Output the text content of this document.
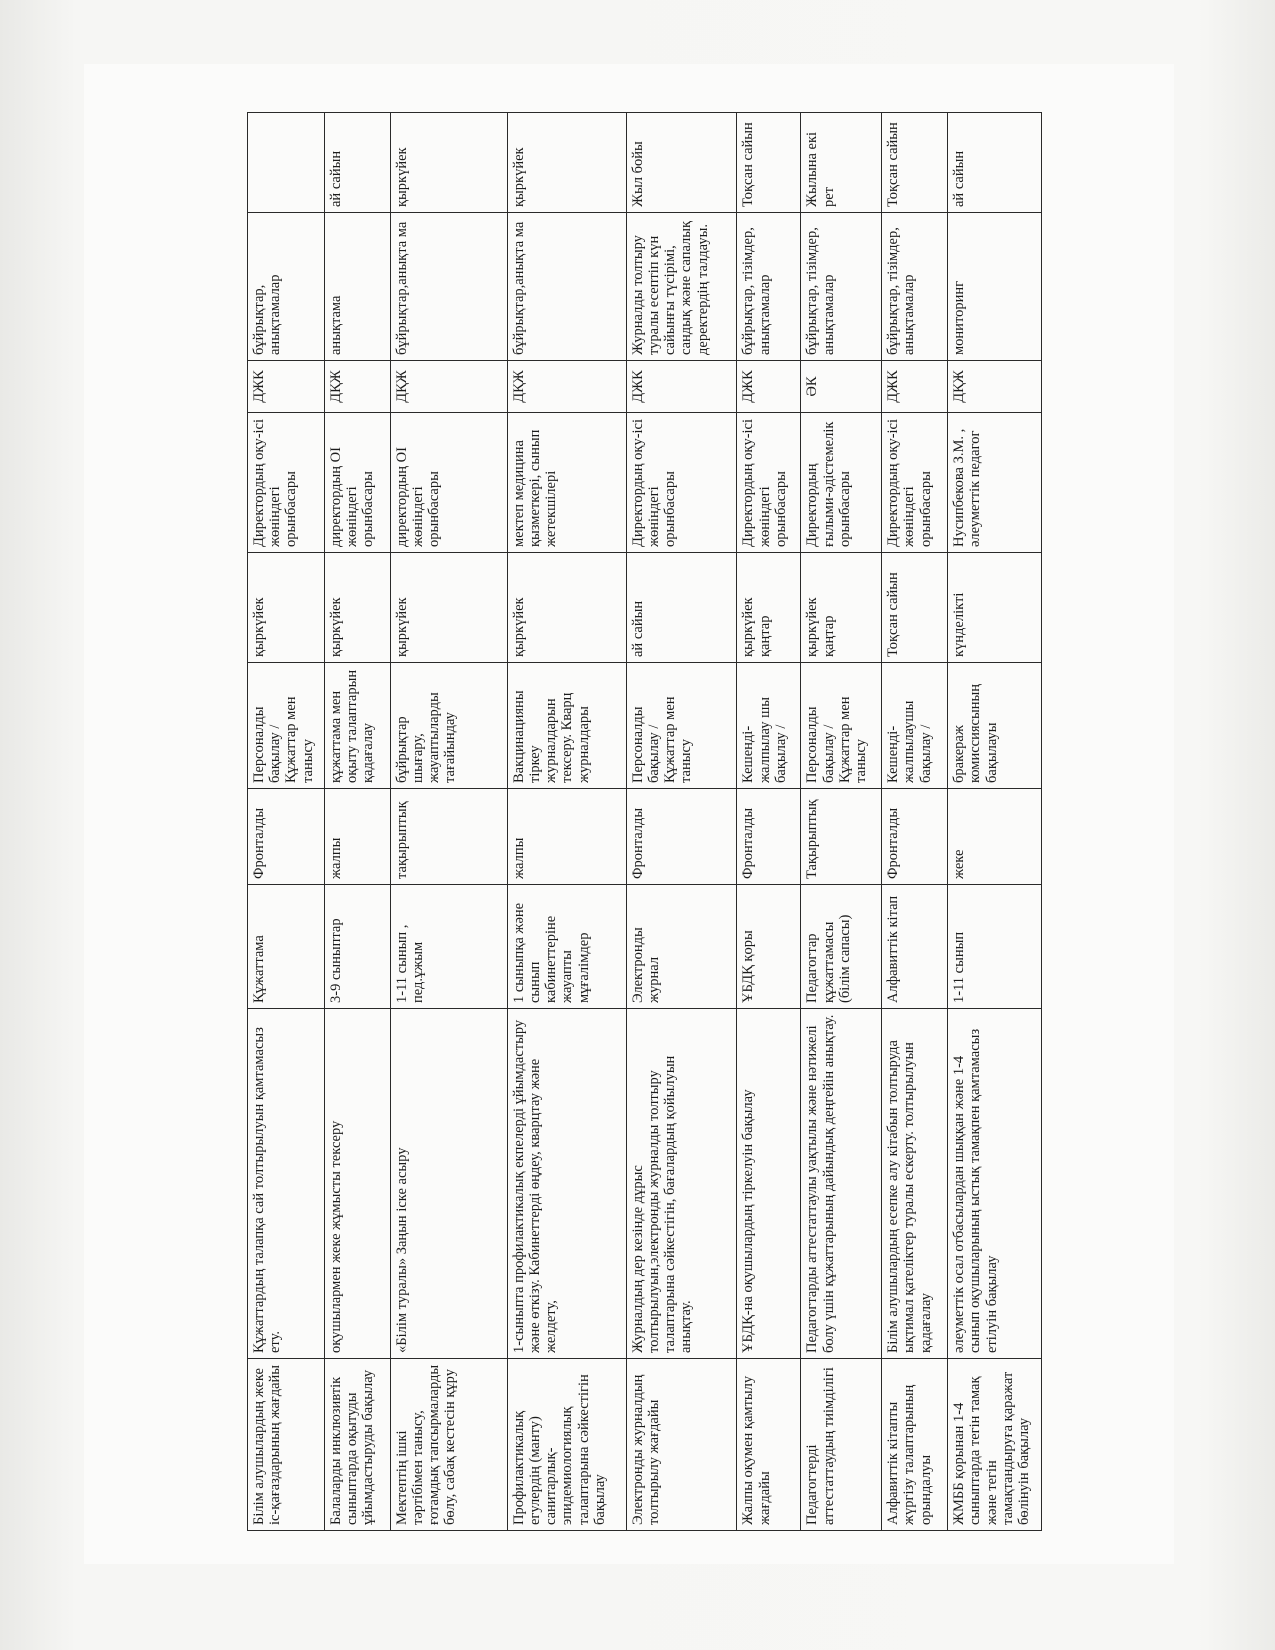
Білім алушылардың жеке іс-қағаздарының жағдайы	Құжаттардың талапқа сай толтырылуын қамтамасыз ету.	Құжаттама	Фронталды	Персоналды бақылау / Құжаттар мен танысу	қыркүйек	Директордың оқу-ісі жөніндегі орынбасары	ДЖК	бұйрықтар, анықтамалар	
Балаларды инклюзивтік сыныптарда оқытуды ұйымдастыруды бақылау	оқушылармен жеке жұмысты тексеру	3-9 сыныптар	жалпы	құжаттама мен оқыту талаптарын қадағалау	қыркүйек	директордың ОІ жөніндегі орынбасары	ДҚЖ	анықтама	ай сайын
Мектептің ішкі тәртібімен танысу, ғотамдық тапсырмаларды бөлу, сабақ кестесін құру	«Білім туралы» Заңын іске асыру	1-11 сынып , пед.ұжым	тақырыптық	бұйрықтар шығару, жауаптыларды тағайындау	қыркүйек	директордың ОІ жөніндегі орынбасары	ДҚЖ	бұйрықтар,анықта ма	қыркүйек
Профилактикалық егулердің (манту) санитарлық-эпидемиологиялық талаптарына сәйкестігін бақылау	1-сыныпта профилактикалық екпелерді ұйымдастыру және өткізу. Кабинеттерді өңдеу, кварцтау және желдету,	1 сыныпқа және сынып кабинеттеріне жауапты мұғалімдер	жалпы	Вакцинацияны тіркеу журналдарын тексеру. Кварц журналдары	қыркүйек	мектеп медицина қызметкері, сынып жетекшілері	ДҚЖ	бұйрықтар,анықта ма	қыркүйек
Электронды журналдың толтырылу жағдайы	Журналдың дер кезінде дұрыс толтырылуын,электронды журналды толтыру талаптарына сәйкестігін, бағалардың қойылуын анықтау.	Электронды журнал	Фронталды	Персоналды бақылау / Құжаттар мен танысу	ай сайын	Директордың оқу-ісі жөніндегі орынбасары	ДЖК	Журналды толтыру туралы есептіп күн сайынғы түсірімі, сандық және сапалық деректердің талдауы.	Жыл бойы
Жалпы оқумен қамтылу жағдайы	ҰБДҚ-на оқушылардың тіркелуін бақылау	ҰБДҚ қоры	Фронталды	Кешенді-жалпылау шы бақылау /	қыркүйек қаңтар	Директордың оқу-ісі жөніндегі орынбасары	ДЖК	бұйрықтар, тізімдер, анықтамалар	Тоқсан сайын
Педагогтерді аттестаттаудың тиімділігі	Педагогтарды аттестаттаулы уақтылы және нәтижелі болу үшін құжаттарының дайындық деңгейін анықтау.	Педагогтар құжаттамасы (білім сапасы)	Тақырыптық	Персоналды бақылау / Құжаттар мен танысу	қыркүйек қаңтар	Директордың ғылыми-әдістемелік орынбасары	ӘК	бұйрықтар, тізімдер, анықтамалар	Жылына екі рет
Алфавиттік кітапты жүргізу талаптарының орындалуы	Білім алушылардың есепке алу кітабын толтыруда ықтимал қателіктер туралы ескерту. толтырылуын қадағалау	Алфавиттік кітап	Фронталды	Кешенді-жалпылаушы бақылау /	Тоқсан сайын	Директордың оқу-ісі жөніндегі орынбасары	ДЖК	бұйрықтар, тізімдер, анықтамалар	Тоқсан сайын
ЖМББ қорынан 1-4 сыныптарда тегін тамақ және тегін тамақтандыруға қаражат бөлінуін бақылау	әлеуметтік осал отбасылардан шыққан және 1-4 сынып оқушыларының ыстық тамақпен қамтамасыз етілуін бақылау	1-11 сынып	жеке	бракераж комиссиясының бақылауы	күнделікті	Нусипбекова З.М. , әлеуметтік педагог	ДҚЖ	мониторинг	ай сайын
